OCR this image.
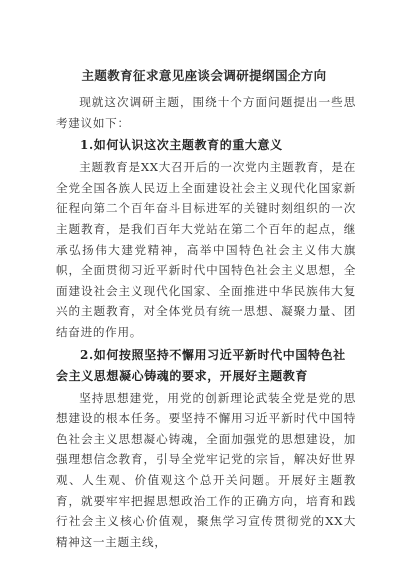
主题教育征求意见座谈会调研提纲国企方向

现就这次调研主题，围绕十个方面问题提出一些思考建议如下：

1.如何认识这次主题教育的重大意义

主题教育是XX大召开后的一次党内主题教育，是在全党全国各族人民迈上全面建设社会主义现代化国家新征程向第二个百年奋斗目标进军的关键时刻组织的一次主题教育，是我们百年大党站在第二个百年的起点，继承弘扬伟大建党精神，高举中国特色社会主义伟大旗帜，全面贯彻习近平新时代中国特色社会主义思想，全面建设社会主义现代化国家、全面推进中华民族伟大复兴的主题教育，对全体党员有统一思想、凝聚力量、团结奋进的作用。

2.如何按照坚持不懈用习近平新时代中国特色社会主义思想凝心铸魂的要求，开展好主题教育

坚持思想建党，用党的创新理论武装全党是党的思想建设的根本任务。要坚持不懈用习近平新时代中国特色社会主义思想凝心铸魂，全面加强党的思想建设，加强理想信念教育，引导全党牢记党的宗旨，解决好世界观、人生观、价值观这个总开关问题。开展好主题教育，就要牢牢把握思想政治工作的正确方向，培育和践行社会主义核心价值观，聚焦学习宣传贯彻党的XX大精神这一主题主线，
